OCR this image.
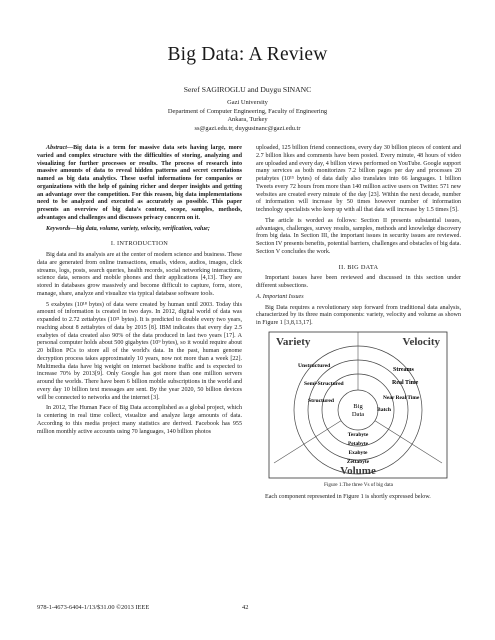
Big Data: A Review
Seref SAGIROGLU and Duygu SINANC
Gazi University
Department of Computer Engineering, Faculty of Engineering
Ankara, Turkey
ss@gazi.edu.tr, duygusinanc@gazi.edu.tr

Abstract—Big data is a term for massive data sets having large, more varied and complex structure with the difficulties of storing, analyzing and visualizing for further processes or results. The process of research into massive amounts of data to reveal hidden patterns and secret correlations named as big data analytics. These useful informations for companies or organizations with the help of gaining richer and deeper insights and getting an advantage over the competition. For this reason, big data implementations need to be analyzed and executed as accurately as possible. This paper presents an overview of big data's content, scope, samples, methods, advantages and challenges and discusses privacy concern on it.

Keywords—big data, volume, variety, velocity, verification, value;

I. INTRODUCTION

Big data and its analysis are at the center of modern science and business. These data are generated from online transactions, emails, videos, audios, images, click streams, logs, posts, search queries, health records, social networking interactions, science data, sensors and mobile phones and their applications [4,13]. They are stored in databases grow massively and become difficult to capture, form, store, manage, share, analyze and visualize via typical database software tools.

5 exabytes (10¹⁸ bytes) of data were created by human until 2003. Today this amount of information is created in two days. In 2012, digital world of data was expanded to 2.72 zettabytes (10²¹ bytes). It is predicted to double every two years, reaching about 8 zettabytes of data by 2015 [8]. IBM indicates that every day 2.5 exabytes of data created also 90% of the data produced in last two years [17]. A personal computer holds about 500 gigabytes (10⁹ bytes), so it would require about 20 billion PCs to store all of the world's data. In the past, human genome decryption process takes approximately 10 years, now not more than a week [22]. Multimedia data have big weight on internet backbone traffic and is expected to increase 70% by 2013[9]. Only Google has got more than one million servers around the worlds. There have been 6 billion mobile subscriptions in the world and every day 10 billion text messages are sent. By the year 2020, 50 billion devices will be connected to networks and the internet [3].

In 2012, The Human Face of Big Data accomplished as a global project, which is centering in real time collect, visualize and analyze large amounts of data. According to this media project many statistics are derived. Facebook has 955 million monthly active accounts using 70 languages, 140 billion photos

uploaded, 125 billion friend connections, every day 30 billion pieces of content and 2.7 billion likes and comments have been posted. Every minute, 48 hours of video are uploaded and every day, 4 billion views performed on YouTube. Google support many services as both monitorizes 7.2 billion pages per day and processes 20 petabytes (10¹⁵ bytes) of data daily also translates into 66 languages. 1 billion Tweets every 72 hours from more than 140 million active users on Twitter. 571 new websites are created every minute of the day [23]. Within the next decade, number of information will increase by 50 times however number of information technology specialists who keep up with all that data will increase by 1.5 times [5].

The article is worded as follows: Section II presents substantial issues, advantages, challenges, survey results, samples, methods and knowledge discovery from big data. In Section III, the important issues in security issues are reviewed. Section IV presents benefits, potential barriers, challenges and obstacles of big data. Section V concludes the work.

II. BIG DATA

Important issues have been reviewed and discussed in this section under different subsections.

A. Important Issues

Big Data requires a revolutionary step forward from traditional data analysis, characterized by its three main components: variety, velocity and volume as shown in Figure 1 [3,8,13,17].

Variety	Velocity
Volume
Big
Data
Unstructured
Semi-Structured
Structured
Streams
Real Time
Near Real Time
Batch
Terabyte
Petabyte
Exabyte
Zettabyte
Figure 1.The three Vs of big data

Each component represented in Figure 1 is shortly expressed below.

978-1-4673-6404-1/13/$31.00 ©2013 IEEE	42
